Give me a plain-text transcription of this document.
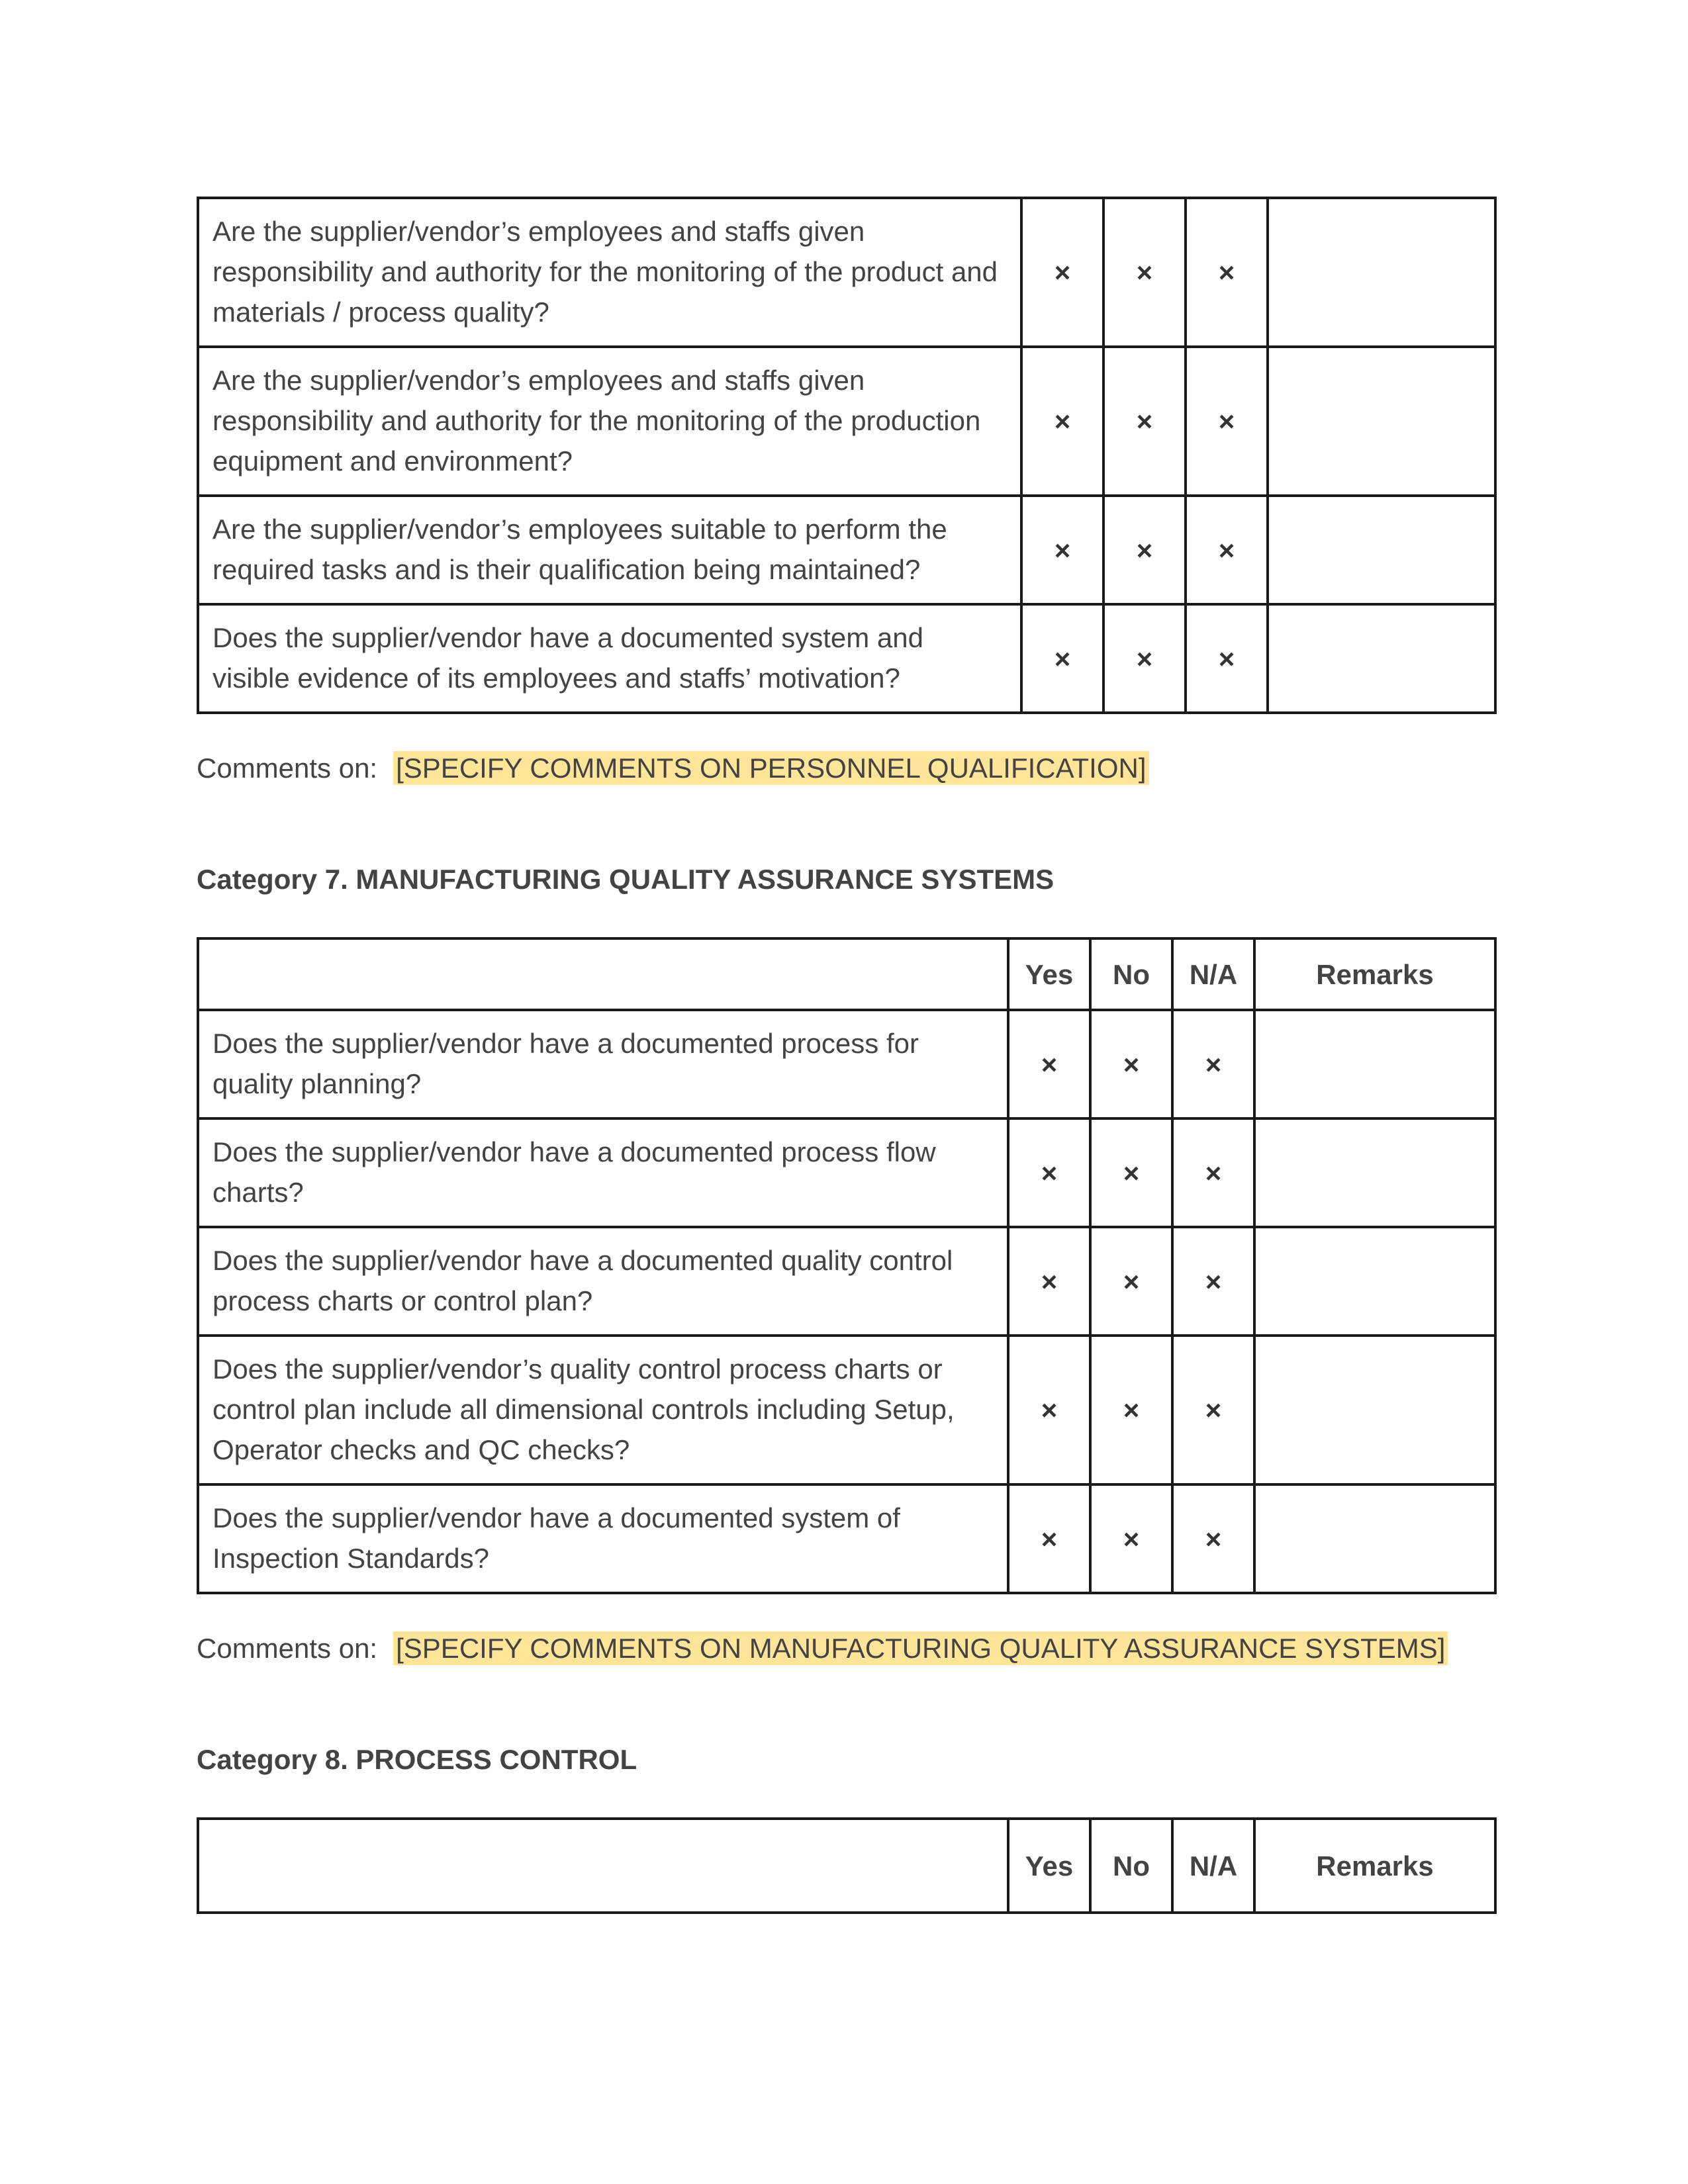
Are the supplier/vendor’s employees and staffs given responsibility and authority for the monitoring of the product and materials / process quality?	×	×	×	
Are the supplier/vendor’s employees and staffs given responsibility and authority for the monitoring of the production equipment and environment?	×	×	×	
Are the supplier/vendor’s employees suitable to perform the required tasks and is their qualification being maintained?	×	×	×	
Does the supplier/vendor have a documented system and visible evidence of its employees and staffs’ motivation?	×	×	×	
Comments on: [SPECIFY COMMENTS ON PERSONNEL QUALIFICATION]
Category 7. MANUFACTURING QUALITY ASSURANCE SYSTEMS
	Yes	No	N/A	Remarks
Does the supplier/vendor have a documented process for quality planning?	×	×	×	
Does the supplier/vendor have a documented process flow charts?	×	×	×	
Does the supplier/vendor have a documented quality control process charts or control plan?	×	×	×	
Does the supplier/vendor’s quality control process charts or control plan include all dimensional controls including Setup, Operator checks and QC checks?	×	×	×	
Does the supplier/vendor have a documented system of Inspection Standards?	×	×	×	
Comments on: [SPECIFY COMMENTS ON MANUFACTURING QUALITY ASSURANCE SYSTEMS]
Category 8. PROCESS CONTROL
	Yes	No	N/A	Remarks
